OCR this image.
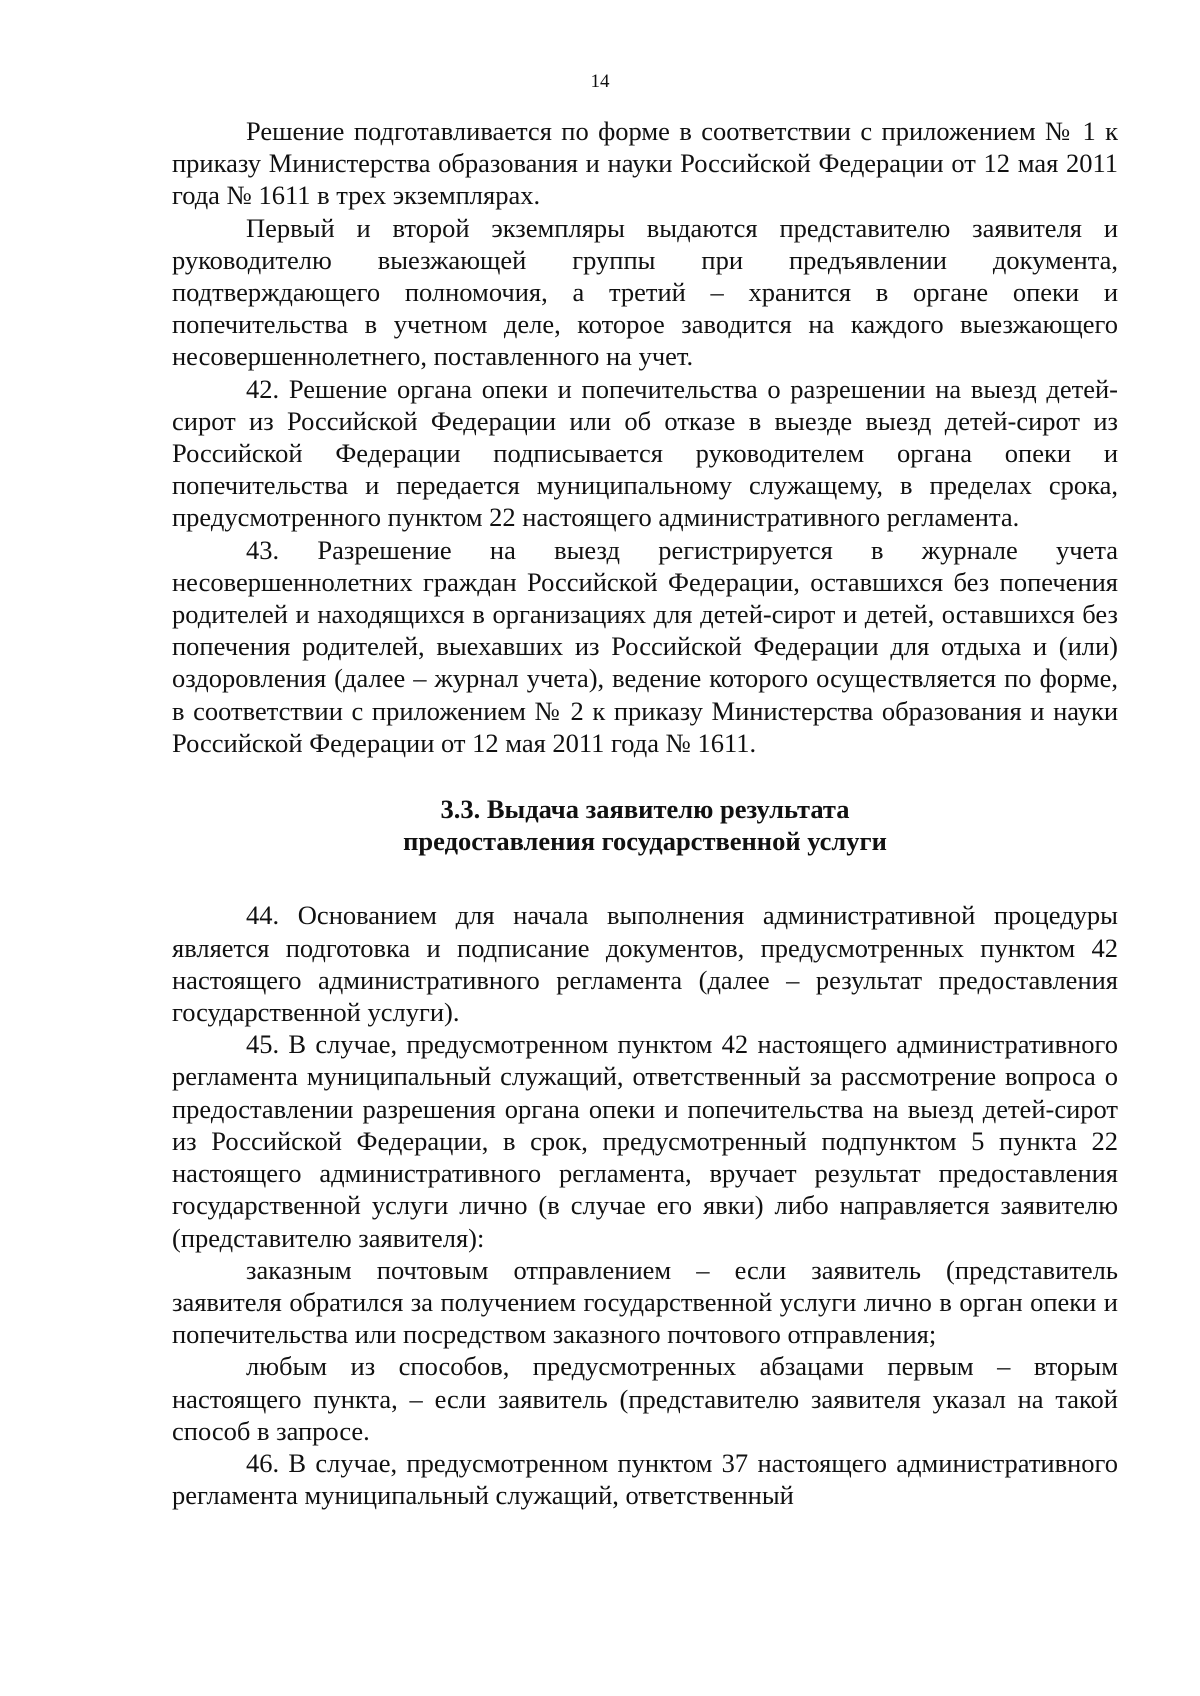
14

Решение подготавливается по форме в соответствии с приложением № 1 к приказу Министерства образования и науки Российской Федерации от 12 мая 2011 года № 1611 в трех экземплярах.

Первый и второй экземпляры выдаются представителю заявителя и руководителю выезжающей группы при предъявлении документа, подтверждающего полномочия, а третий – хранится в органе опеки и попечительства в учетном деле, которое заводится на каждого выезжающего несовершеннолетнего, поставленного на учет.

42. Решение органа опеки и попечительства о разрешении на выезд детей-сирот из Российской Федерации или об отказе в выезде выезд детей-сирот из Российской Федерации подписывается руководителем органа опеки и попечительства и передается муниципальному служащему, в пределах срока, предусмотренного пунктом 22 настоящего административного регламента.

43. Разрешение на выезд регистрируется в журнале учета несовершеннолетних граждан Российской Федерации, оставшихся без попечения родителей и находящихся в организациях для детей-сирот и детей, оставшихся без попечения родителей, выехавших из Российской Федерации для отдыха и (или) оздоровления (далее – журнал учета), ведение которого осуществляется по форме, в соответствии с приложением № 2 к приказу Министерства образования и науки Российской Федерации от 12 мая 2011 года № 1611.

3.3. Выдача заявителю результата
предоставления государственной услуги

44. Основанием для начала выполнения административной процедуры является подготовка и подписание документов, предусмотренных пунктом 42 настоящего административного регламента (далее – результат предоставления государственной услуги).

45. В случае, предусмотренном пунктом 42 настоящего административного регламента муниципальный служащий, ответственный за рассмотрение вопроса о предоставлении разрешения органа опеки и попечительства на выезд детей-сирот из Российской Федерации, в срок, предусмотренный подпунктом 5 пункта 22 настоящего административного регламента, вручает результат предоставления государственной услуги лично (в случае его явки) либо направляется заявителю (представителю заявителя):

заказным почтовым отправлением – если заявитель (представитель заявителя обратился за получением государственной услуги лично в орган опеки и попечительства или посредством заказного почтового отправления;

любым из способов, предусмотренных абзацами первым – вторым настоящего пункта, – если заявитель (представителю заявителя указал на такой способ в запросе.

46. В случае, предусмотренном пунктом 37 настоящего административного регламента муниципальный служащий, ответственный
